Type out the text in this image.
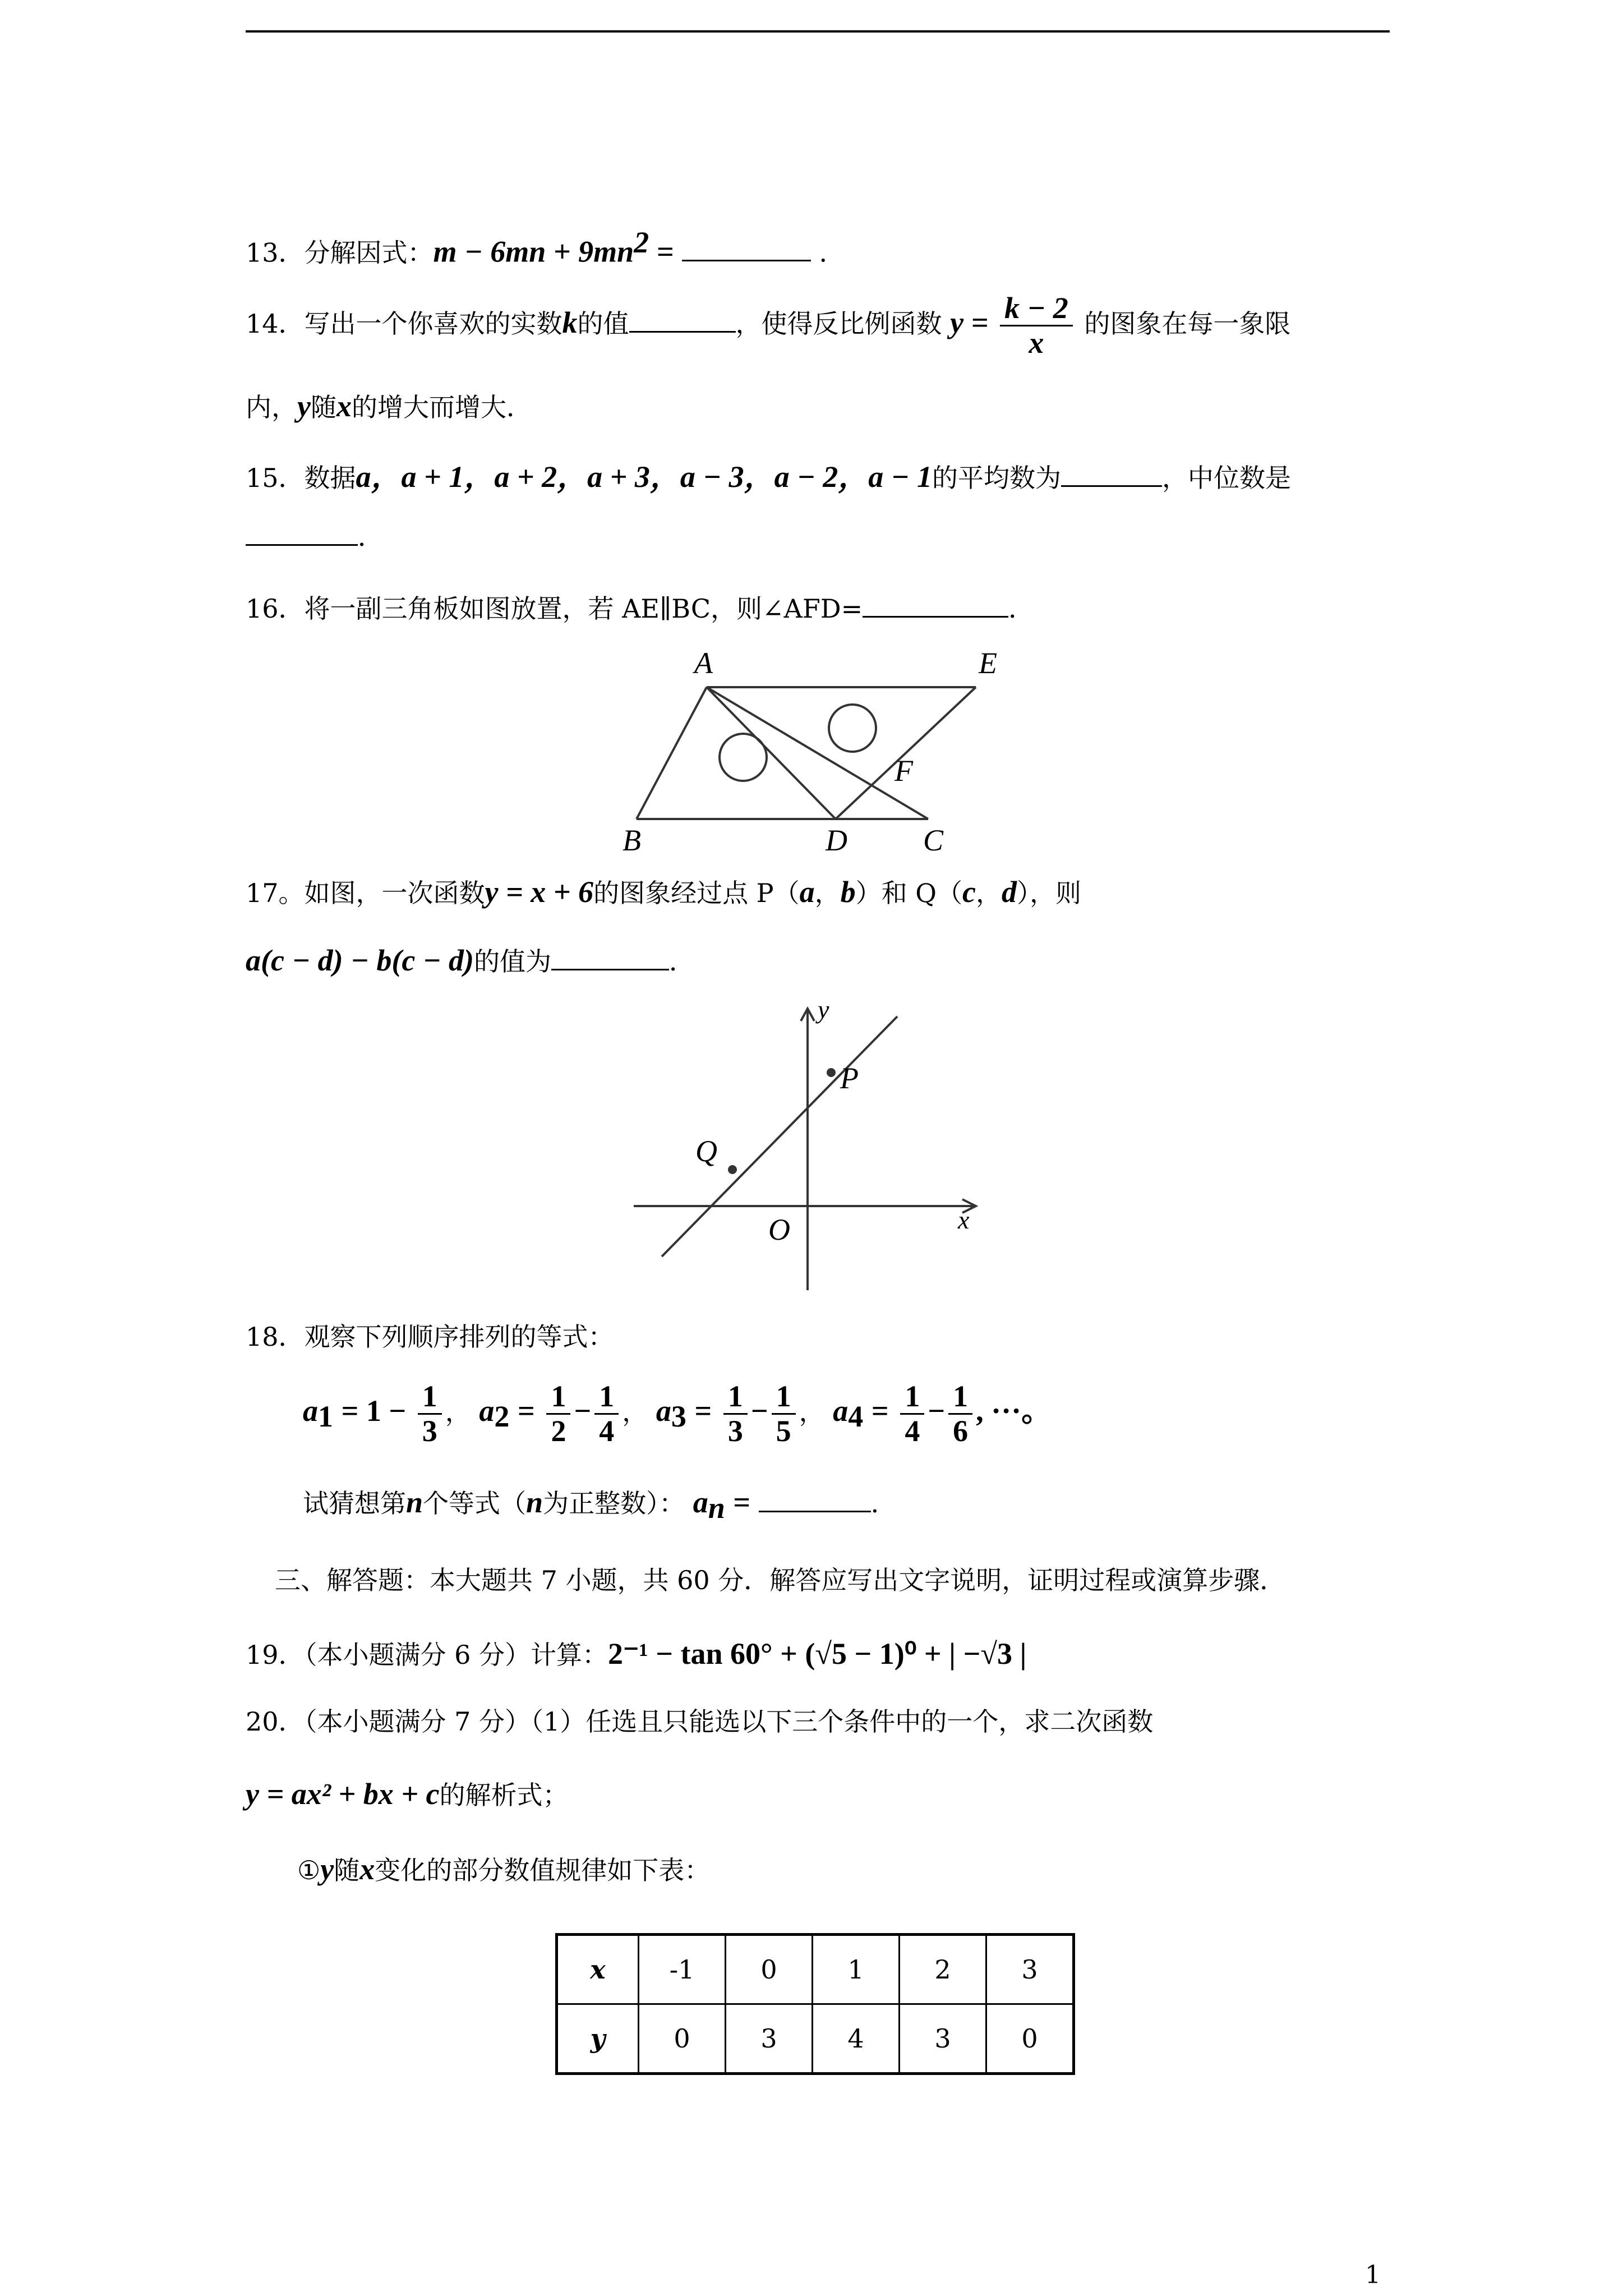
13．分解因式：$m - 6mn + 9mn^2$ =	．
14．写出一个你喜欢的实数k的值	，使得反比例函数 $y = \frac{k - 2}{x}$ 的图象在每一象限
内，y随x的增大而增大．
15．数据a，a + 1，a + 2，a + 3，a − 3，a − 2，a − 1的平均数为	，中位数是
．
16．将一副三角板如图放置，若 AE∥BC，则∠AFD=	．
A	E
F
B	D	C
17。如图，一次函数y = x + 6的图象经过点 P（a，b）和 Q（c，d），则
a(c − d) − b(c − d)的值为	．
y
P
Q
O	x
18．观察下列顺序排列的等式：
$a_1 = 1 - \frac{1}{3}$ ， $a_2 = \frac{1}{2} - \frac{1}{4}$ ， $a_3 = \frac{1}{3} - \frac{1}{5}$ ， $a_4 = \frac{1}{4} - \frac{1}{6}$ , ···。
试猜想第n个等式（n为正整数）： $a_n$ =	．
三、解答题：本大题共 7 小题，共 60 分．解答应写出文字说明，证明过程或演算步骤．
19．（本小题满分 6 分）计算：2⁻¹ − tan 60° + (√5 − 1)⁰ + | −√3 |
20．（本小题满分 7 分）（1）任选且只能选以下三个条件中的一个，求二次函数
y = ax² + bx + c的解析式；
①y随x变化的部分数值规律如下表：
x	-1	0	1	2	3
y	0	3	4	3	0
1
